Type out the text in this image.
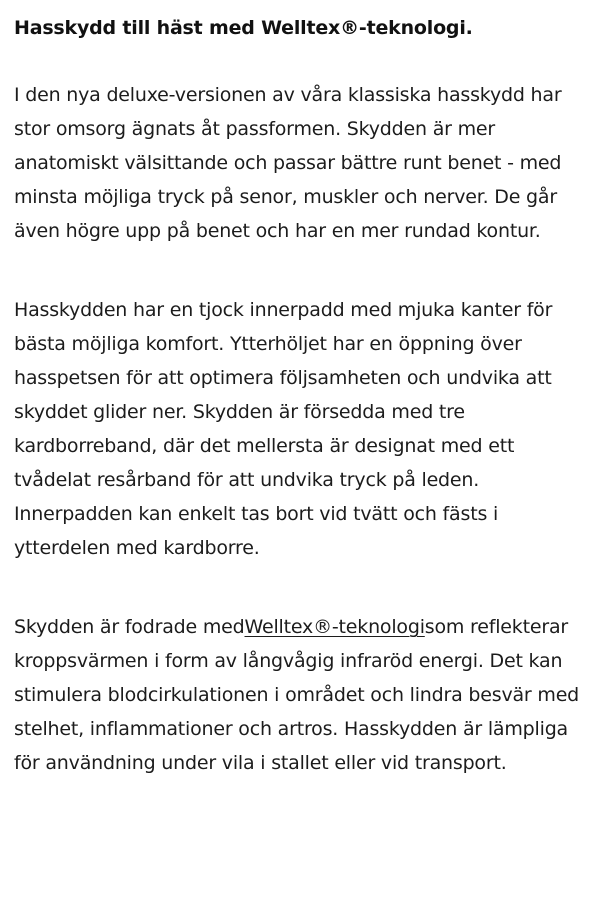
Hasskydd till häst med Welltex®-teknologi.

I den nya deluxe-versionen av våra klassiska hasskydd har stor omsorg ägnats åt passformen. Skydden är mer anatomiskt välsittande och passar bättre runt benet - med minsta möjliga tryck på senor, muskler och nerver. De går även högre upp på benet och har en mer rundad kontur.

Hasskydden har en tjock innerpadd med mjuka kanter för bästa möjliga komfort. Ytterhöljet har en öppning över hasspetsen för att optimera följsamheten och undvika att skyddet glider ner. Skydden är försedda med tre kardborreband, där det mellersta är designat med ett tvådelat resårband för att undvika tryck på leden. Innerpadden kan enkelt tas bort vid tvätt och fästs i ytterdelen med kardborre.

Skydden är fodrade medWelltex®-teknologisom reflekterar kroppsvärmen i form av långvågig infraröd energi. Det kan stimulera blodcirkulationen i området och lindra besvär med stelhet, inflammationer och artros. Hasskydden är lämpliga för användning under vila i stallet eller vid transport.
